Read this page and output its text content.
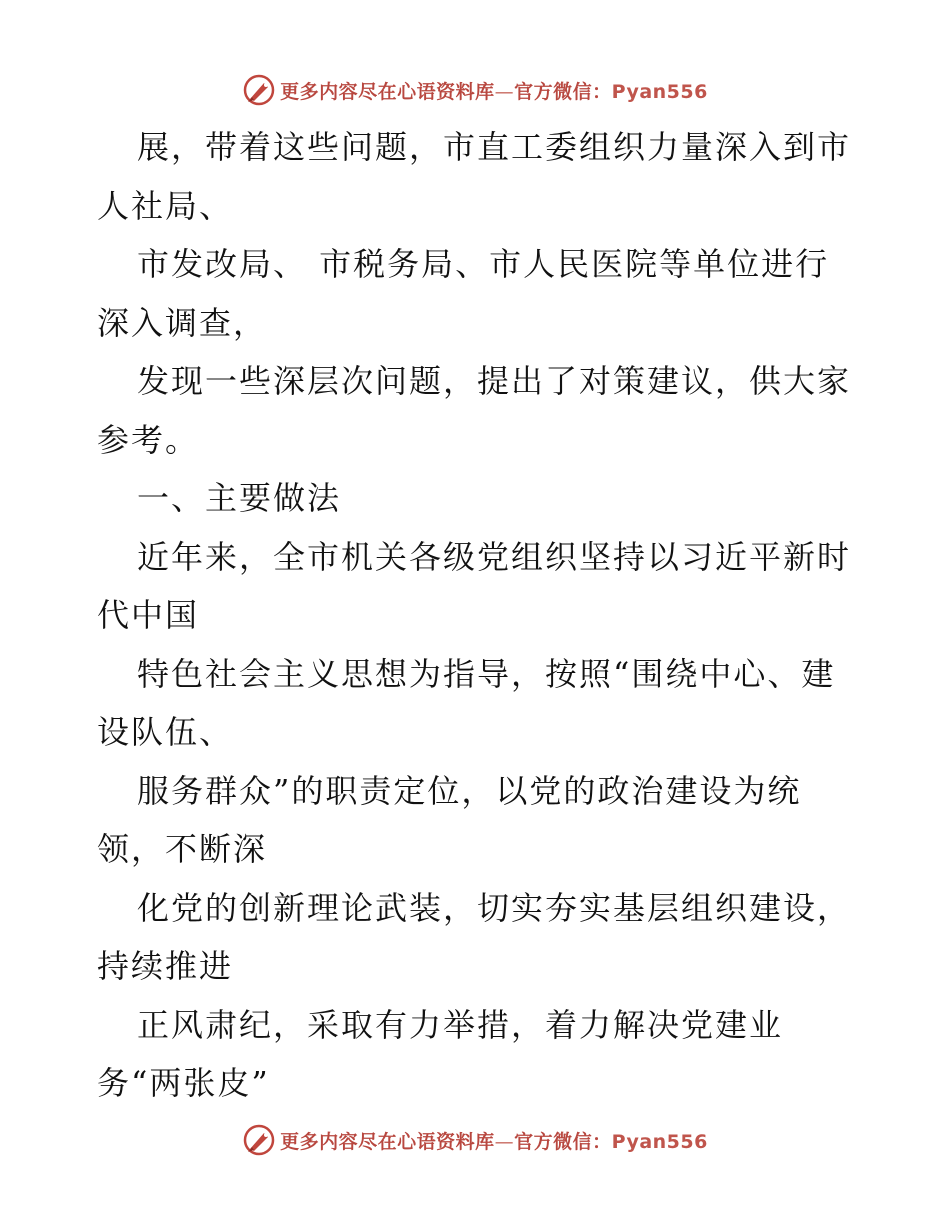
更多内容尽在心语资料库—官方微信：Pyan556
展，带着这些问题，市直工委组织力量深入到市
人社局、
市发改局、 市税务局、市人民医院等单位进行
深入调查，
发现一些深层次问题，提出了对策建议，供大家
参考。
一、主要做法
近年来，全市机关各级党组织坚持以习近平新时
代中国
特色社会主义思想为指导，按照“围绕中心、建
设队伍、
服务群众”的职责定位，以党的政治建设为统
领，不断深
化党的创新理论武装，切实夯实基层组织建设，
持续推进
正风肃纪，采取有力举措，着力解决党建业
务“两张皮”
更多内容尽在心语资料库—官方微信：Pyan556
